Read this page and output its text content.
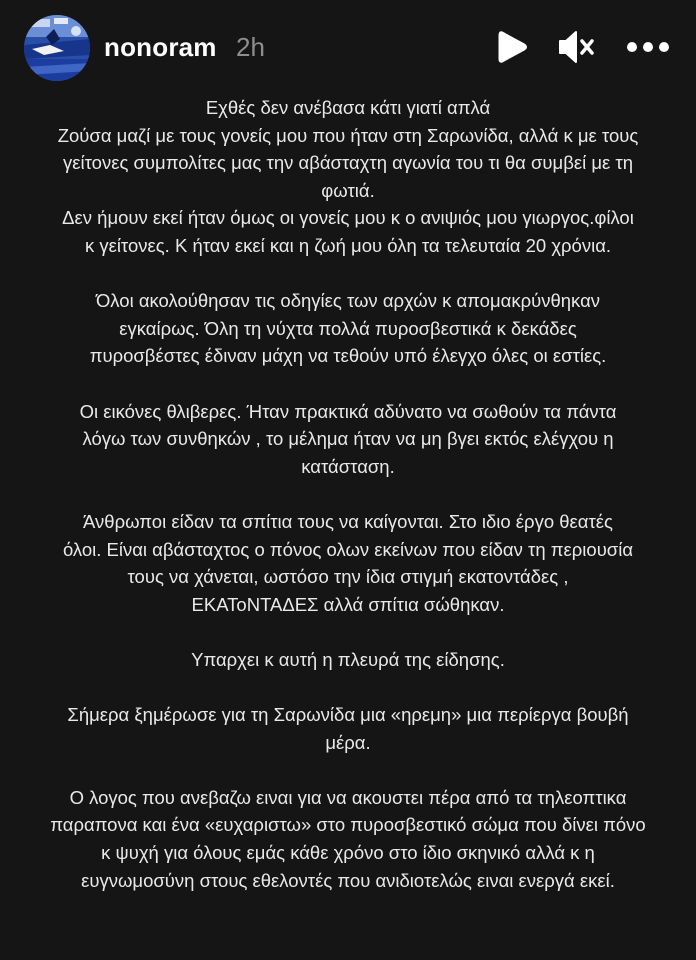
nonoram 2h
Εχθές δεν ανέβασα κάτι γιατί απλά
Ζούσα μαζί με τους γονείς μου που ήταν στη Σαρωνίδα, αλλά κ με τους
γείτονες συμπολίτες μας την αβάσταχτη αγωνία του τι θα συμβεί με τη
φωτιά.
Δεν ήμουν εκεί ήταν όμως οι γονείς μου κ ο ανιψιός μου γιωργος.φίλοι
κ γείτονες. Κ ήταν εκεί και η ζωή μου όλη τα τελευταία 20 χρόνια.
Όλοι ακολούθησαν τις οδηγίες των αρχών κ απομακρύνθηκαν
εγκαίρως. Όλη τη νύχτα πολλά πυροσβεστικά κ δεκάδες
πυροσβέστες έδιναν μάχη να τεθούν υπό έλεγχο όλες οι εστίες.
Οι εικόνες θλιβερες. Ήταν πρακτικά αδύνατο να σωθούν τα πάντα
λόγω των συνθηκών , το μέλημα ήταν να μη βγει εκτός ελέγχου η
κατάσταση.
Άνθρωποι είδαν τα σπίτια τους να καίγονται. Στο ιδιο έργο θεατές
όλοι. Είναι αβάσταχτος ο πόνος ολων εκείνων που είδαν τη περιουσία
τους να χάνεται, ωστόσο την ίδια στιγμή εκατοντάδες ,
ΕΚΑΤοΝΤΑΔΕΣ αλλά σπίτια σώθηκαν.
Υπαρχει κ αυτή η πλευρά της είδησης.
Σήμερα ξημέρωσε για τη Σαρωνίδα μια «ηρεμη» μια περίεργα βουβή
μέρα.
Ο λογος που ανεβαζω ειναι για να ακουστει πέρα από τα τηλεοπτικα
παραπονα και ένα «ευχαριστω» στο πυροσβεστικό σώμα που δίνει πόνο
κ ψυχή για όλους εμάς κάθε χρόνο στο ίδιο σκηνικό αλλά κ η
ευγνωμοσύνη στους εθελοντές που ανιδιοτελώς ειναι ενεργά εκεί.
